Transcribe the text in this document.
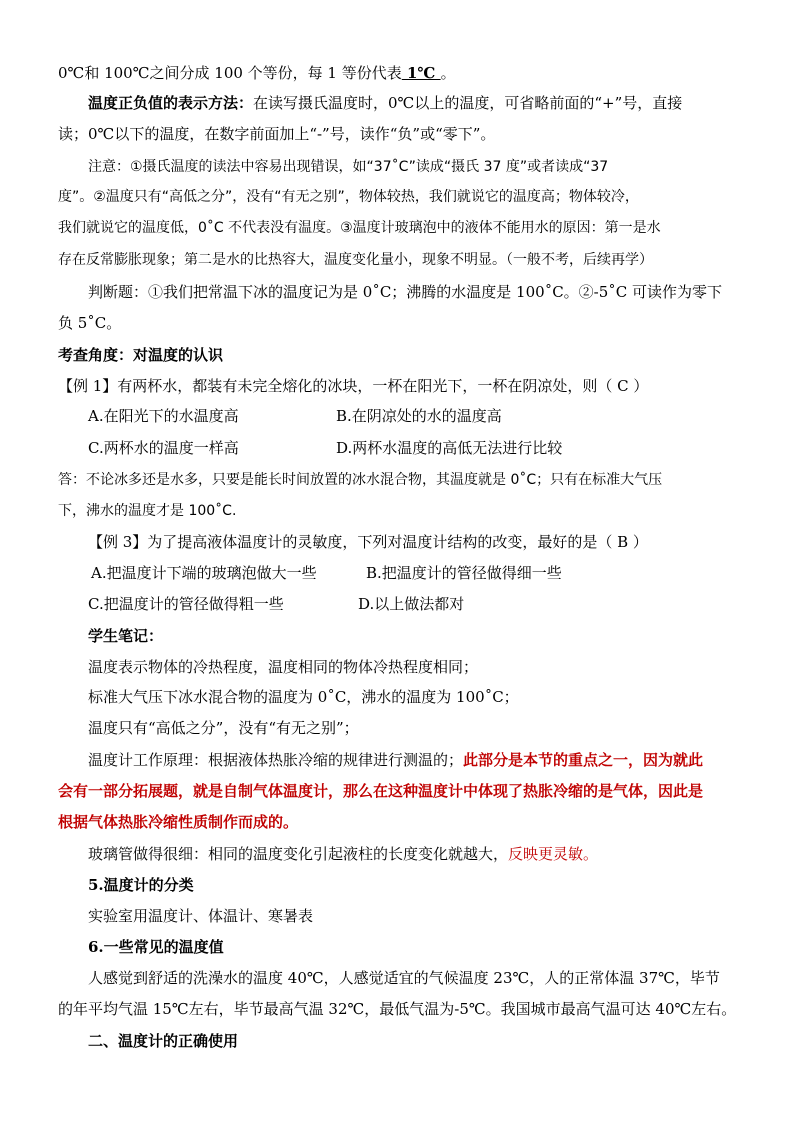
0℃和 100℃之间分成 100 个等份，每 1 等份代表 1℃ 。
温度正负值的表示方法：在读写摄氏温度时，0℃以上的温度，可省略前面的“+”号，直接
读；0℃以下的温度，在数字前面加上“-”号，读作“负”或“零下”。
注意：①摄氏温度的读法中容易出现错误，如“37˚C”读成“摄氏 37 度”或者读成“37
度”。②温度只有“高低之分”，没有“有无之别”，物体较热，我们就说它的温度高；物体较冷，
我们就说它的温度低，0˚C 不代表没有温度。③温度计玻璃泡中的液体不能用水的原因：第一是水
存在反常膨胀现象；第二是水的比热容大，温度变化量小，现象不明显。（一般不考，后续再学）
判断题：①我们把常温下冰的温度记为是 0˚C；沸腾的水温度是 100˚C。②-5˚C 可读作为零下
负 5˚C。
考查角度：对温度的认识
【例 1】有两杯水，都装有未完全熔化的冰块，一杯在阳光下，一杯在阴凉处，则（ C ）
A.在阳光下的水温度高	B.在阴凉处的水的温度高
C.两杯水的温度一样高	D.两杯水温度的高低无法进行比较
答：不论冰多还是水多，只要是能长时间放置的冰水混合物，其温度就是 0˚C；只有在标准大气压
下，沸水的温度才是 100˚C.
【例 3】为了提高液体温度计的灵敏度，下列对温度计结构的改变，最好的是（ B ）
A.把温度计下端的玻璃泡做大一些	B.把温度计的管径做得细一些
C.把温度计的管径做得粗一些	D.以上做法都对
学生笔记：
温度表示物体的冷热程度，温度相同的物体冷热程度相同；
标准大气压下冰水混合物的温度为 0˚C，沸水的温度为 100˚C；
温度只有“高低之分”，没有“有无之别”；
温度计工作原理：根据液体热胀冷缩的规律进行测温的；此部分是本节的重点之一，因为就此
会有一部分拓展题，就是自制气体温度计，那么在这种温度计中体现了热胀冷缩的是气体，因此是
根据气体热胀冷缩性质制作而成的。
玻璃管做得很细：相同的温度变化引起液柱的长度变化就越大，反映更灵敏。
5.温度计的分类
实验室用温度计、体温计、寒暑表
6.一些常见的温度值
人感觉到舒适的洗澡水的温度 40℃，人感觉适宜的气候温度 23℃，人的正常体温 37℃，毕节
的年平均气温 15℃左右，毕节最高气温 32℃，最低气温为-5℃。我国城市最高气温可达 40℃左右。
二、温度计的正确使用
